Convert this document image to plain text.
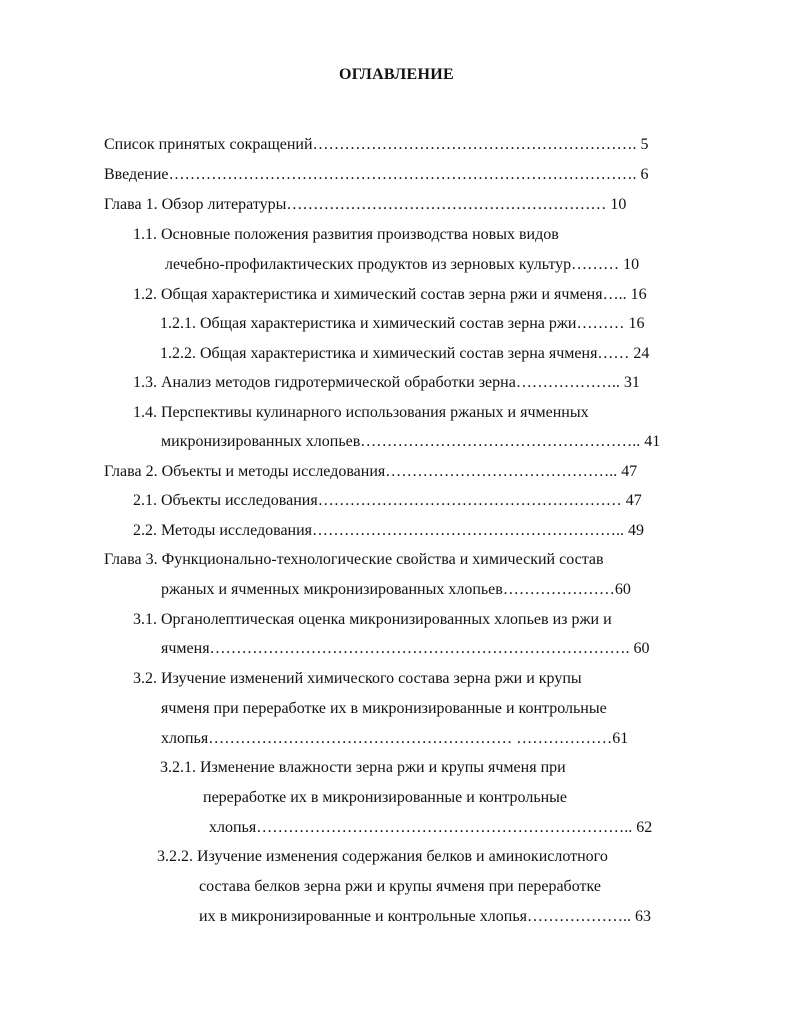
ОГЛАВЛЕНИЕ
Список принятых сокращений……………………………………………………. 5
Введение……………………………………………………………………………. 6
Глава 1. Обзор литературы…………………………………………………… 10
1.1. Основные положения развития производства новых видов
лечебно-профилактических продуктов из зерновых культур……… 10
1.2. Общая характеристика и химический состав зерна ржи и ячменя….. 16
1.2.1. Общая характеристика и химический состав зерна ржи……… 16
1.2.2. Общая характеристика и химический состав зерна ячменя…… 24
1.3. Анализ методов гидротермической обработки зерна……………….. 31
1.4. Перспективы кулинарного использования ржаных и ячменных
микронизированных хлопьев…………………………………………….. 41
Глава 2. Объекты и методы исследования…………………………………….. 47
2.1. Объекты исследования………………………………………………… 47
2.2. Методы исследования………………………………………………….. 49
Глава 3. Функционально-технологические свойства и химический состав
ржаных и ячменных микронизированных хлопьев…………………60
3.1. Органолептическая оценка микронизированных хлопьев из ржи и
ячменя……………………………………………………………………. 60
3.2. Изучение изменений химического состава зерна ржи и крупы
ячменя при переработке их в микронизированные и контрольные
хлопья………………………………………………… ………………61
3.2.1. Изменение влажности зерна ржи и крупы ячменя при
переработке их в микронизированные и контрольные
хлопья…………………………………………………………….. 62
3.2.2. Изучение изменения содержания белков и аминокислотного
состава белков зерна ржи и крупы ячменя при переработке
их в микронизированные и контрольные хлопья……………….. 63
